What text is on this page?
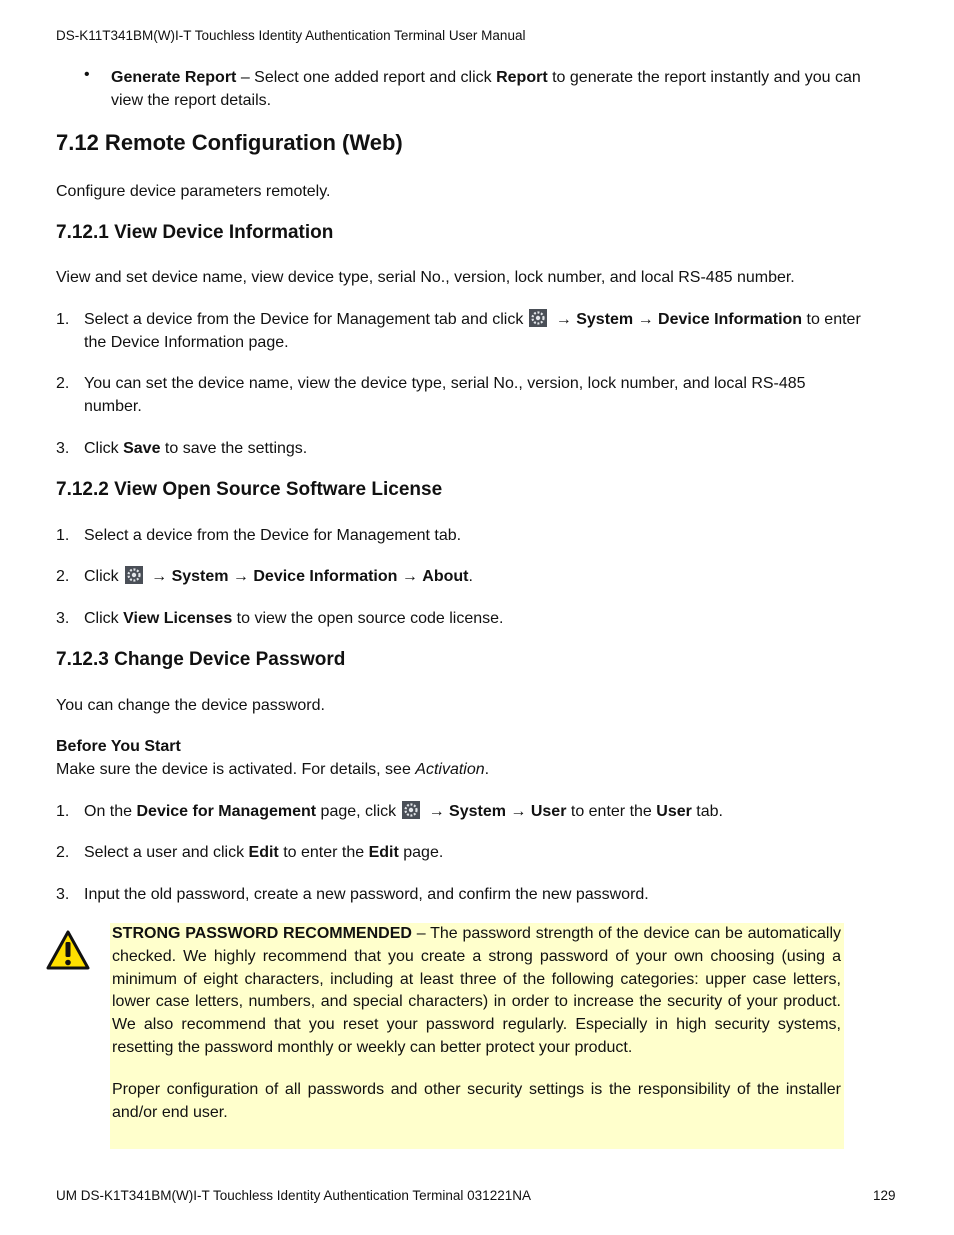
DS-K11T341BM(W)I-T Touchless Identity Authentication Terminal User Manual
• Generate Report – Select one added report and click Report to generate the report instantly and you can view the report details.
7.12 Remote Configuration (Web)
Configure device parameters remotely.
7.12.1 View Device Information
View and set device name, view device type, serial No., version, lock number, and local RS-485 number.
1. Select a device from the Device for Management tab and click → System → Device Information to enter the Device Information page.
2. You can set the device name, view the device type, serial No., version, lock number, and local RS-485 number.
3. Click Save to save the settings.
7.12.2 View Open Source Software License
1. Select a device from the Device for Management tab.
2. Click → System → Device Information → About.
3. Click View Licenses to view the open source code license.
7.12.3 Change Device Password
You can change the device password.
Before You Start
Make sure the device is activated. For details, see Activation.
1. On the Device for Management page, click → System → User to enter the User tab.
2. Select a user and click Edit to enter the Edit page.
3. Input the old password, create a new password, and confirm the new password.

STRONG PASSWORD RECOMMENDED – The password strength of the device can be automatically checked. We highly recommend that you create a strong password of your own choosing (using a minimum of eight characters, including at least three of the following categories: upper case letters, lower case letters, numbers, and special characters) in order to increase the security of your product. We also recommend that you reset your password regularly. Especially in high security systems, resetting the password monthly or weekly can better protect your product.

Proper configuration of all passwords and other security settings is the responsibility of the installer and/or end user.

UM DS-K1T341BM(W)I-T Touchless Identity Authentication Terminal 031221NA	129
